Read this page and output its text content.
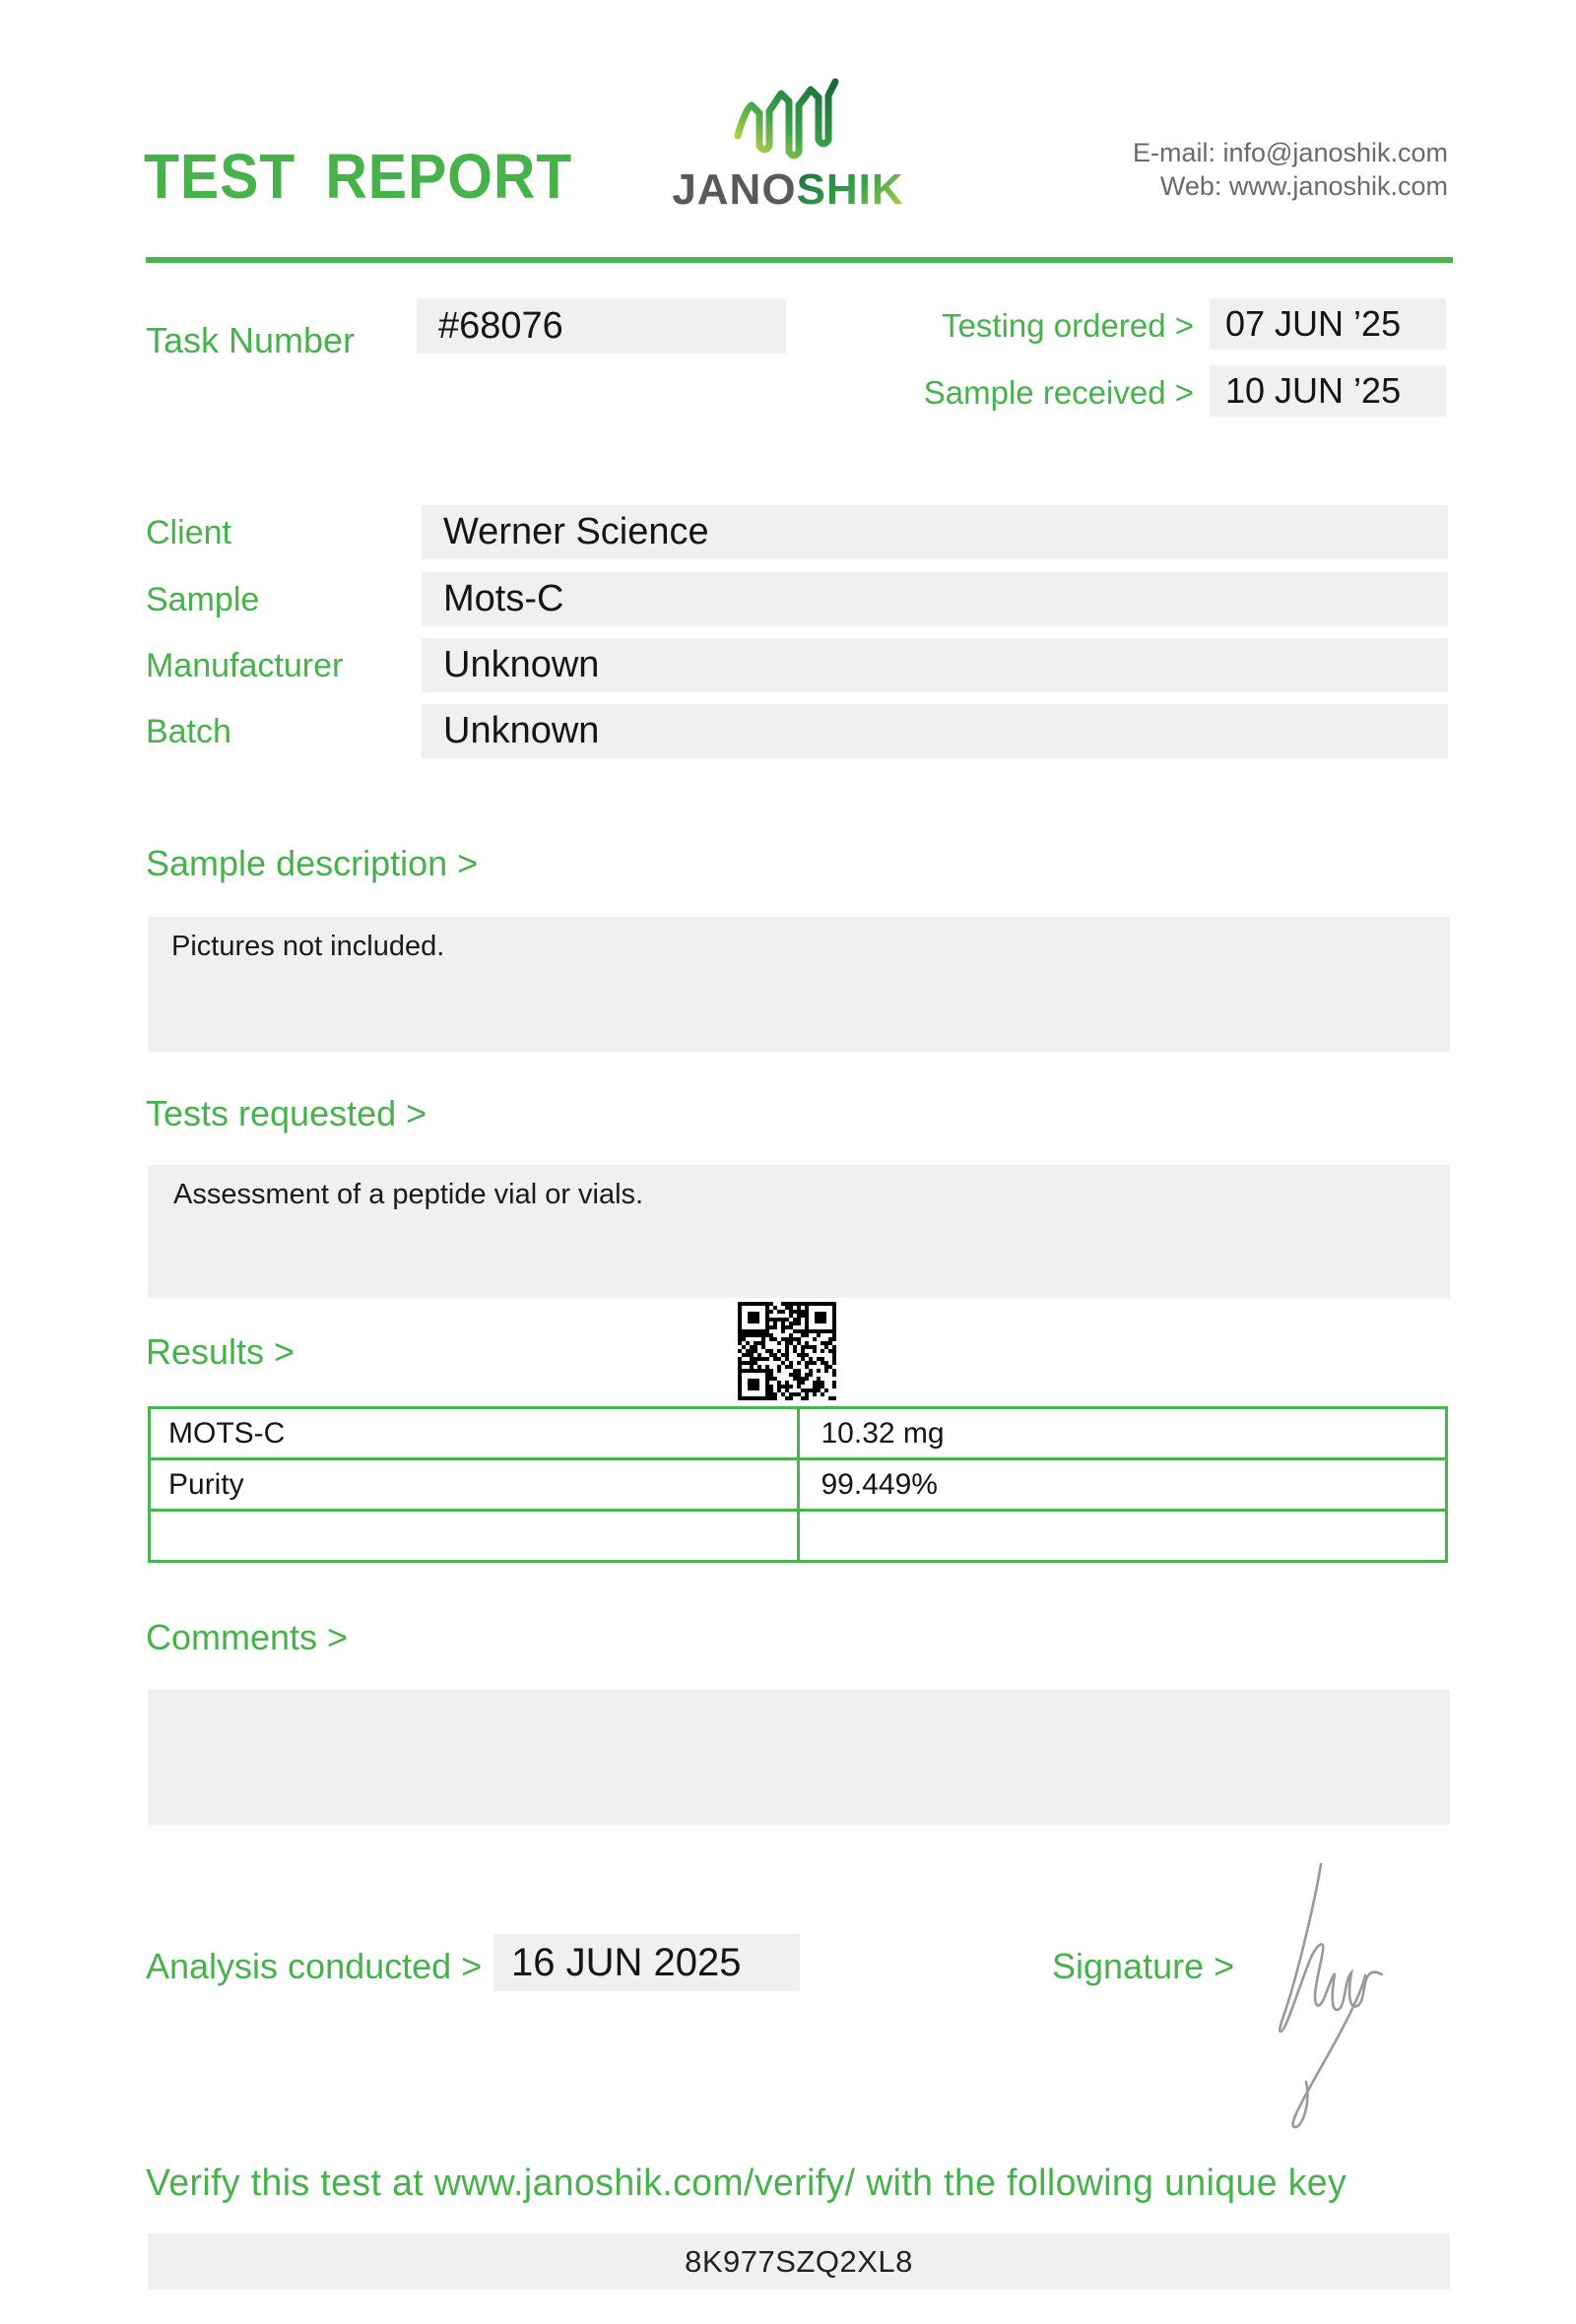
TEST REPORT	JANOSHIK
E-mail: info@janoshik.com
Web: www.janoshik.com
Task Number #68076	Testing ordered > 07 JUN ’25
Sample received > 10 JUN ’25
Client	Werner Science
Sample	Mots-C
Manufacturer	Unknown
Batch	Unknown
Sample description >
Pictures not included.
Tests requested >
Assessment of a peptide vial or vials.
Results >
MOTS-C	10.32 mg
Purity	99.449%

Comments >
Analysis conducted > 16 JUN 2025	Signature >
Verify this test at www.janoshik.com/verify/ with the following unique key
8K977SZQ2XL8
